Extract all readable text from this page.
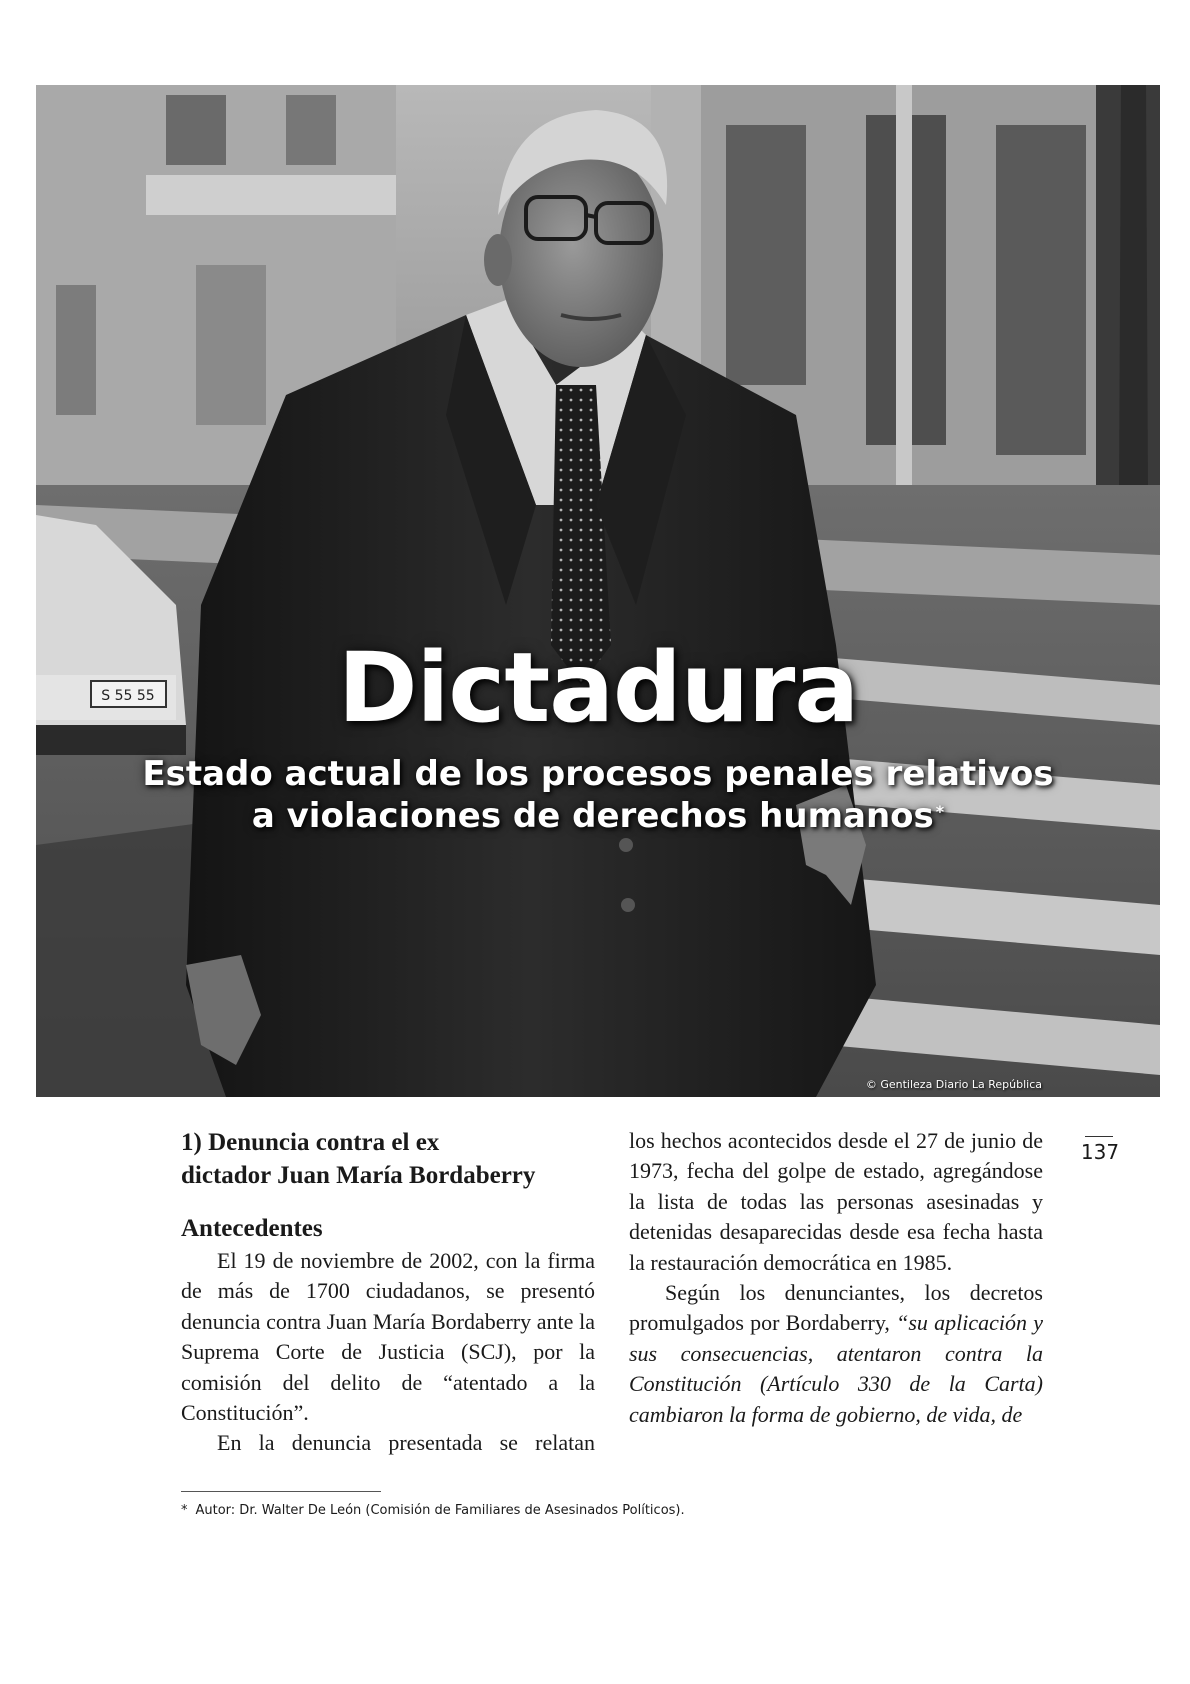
S 55 55	Dictadura

Estado actual de los procesos penales relativos
a violaciones de derechos humanos *

© Gentileza Diario La República
137
1) Denuncia contra el ex
dictador Juan María Bordaberry
Antecedentes

El 19 de noviembre de 2002, con la firma de más de 1700 ciudadanos, se presentó denuncia contra Juan María Bordaberry ante la Suprema Corte de Justicia (SCJ), por la comisión del delito de “atentado a la Constitución”.

En la denuncia presentada se relatan

los hechos acontecidos desde el 27 de junio de 1973, fecha del golpe de estado, agregándose la lista de todas las personas asesinadas y detenidas desaparecidas desde esa fecha hasta la restauración democrática en 1985.

Según los denunciantes, los decretos promulgados por Bordaberry, “su aplicación y sus consecuencias, atentaron contra la Constitución (Artículo 330 de la Carta) cambiaron la forma de gobierno, de vida, de

* Autor: Dr. Walter De León (Comisión de Familiares de Asesinados Políticos).
